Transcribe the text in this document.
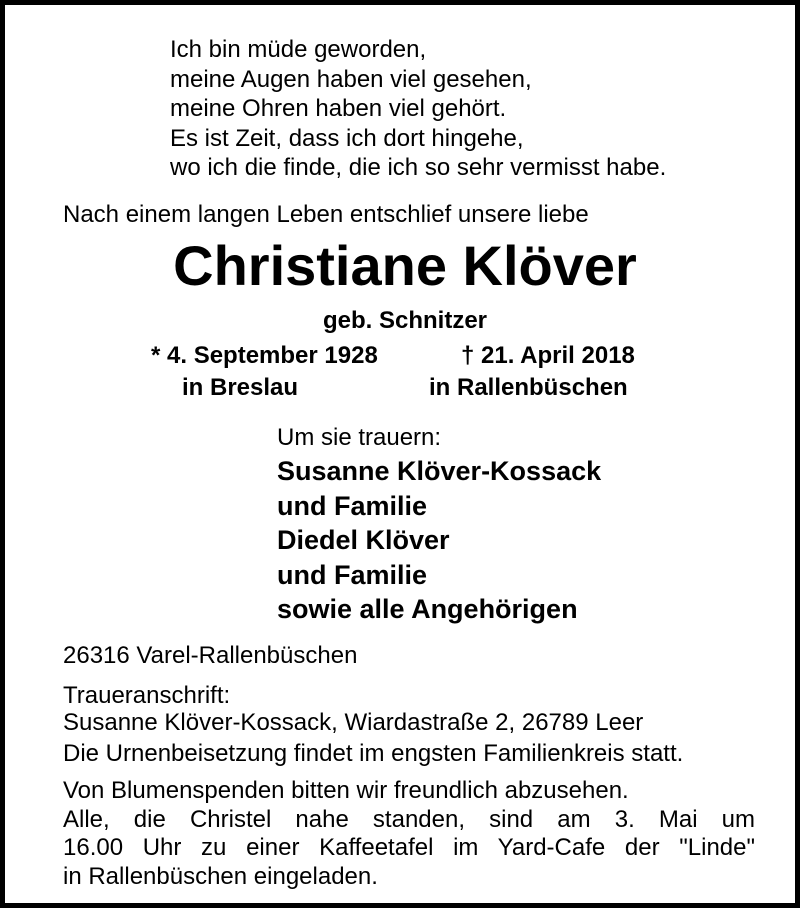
Ich bin müde geworden,
meine Augen haben viel gesehen,
meine Ohren haben viel gehört.
Es ist Zeit, dass ich dort hingehe,
wo ich die finde, die ich so sehr vermisst habe.
Nach einem langen Leben entschlief unsere liebe
Christiane Klöver
geb. Schnitzer
* 4. September 1928	† 21. April 2018
in Breslau	in Rallenbüschen
Um sie trauern:
Susanne Klöver-Kossack
und Familie
Diedel Klöver
und Familie
sowie alle Angehörigen
26316 Varel-Rallenbüschen
Traueranschrift:
Susanne Klöver-Kossack, Wiardastraße 2, 26789 Leer
Die Urnenbeisetzung findet im engsten Familienkreis statt.
Von Blumenspenden bitten wir freundlich abzusehen.
Alle, die Christel nahe standen, sind am 3. Mai um
16.00 Uhr zu einer Kaffeetafel im Yard-Cafe der "Linde"
in Rallenbüschen eingeladen.
